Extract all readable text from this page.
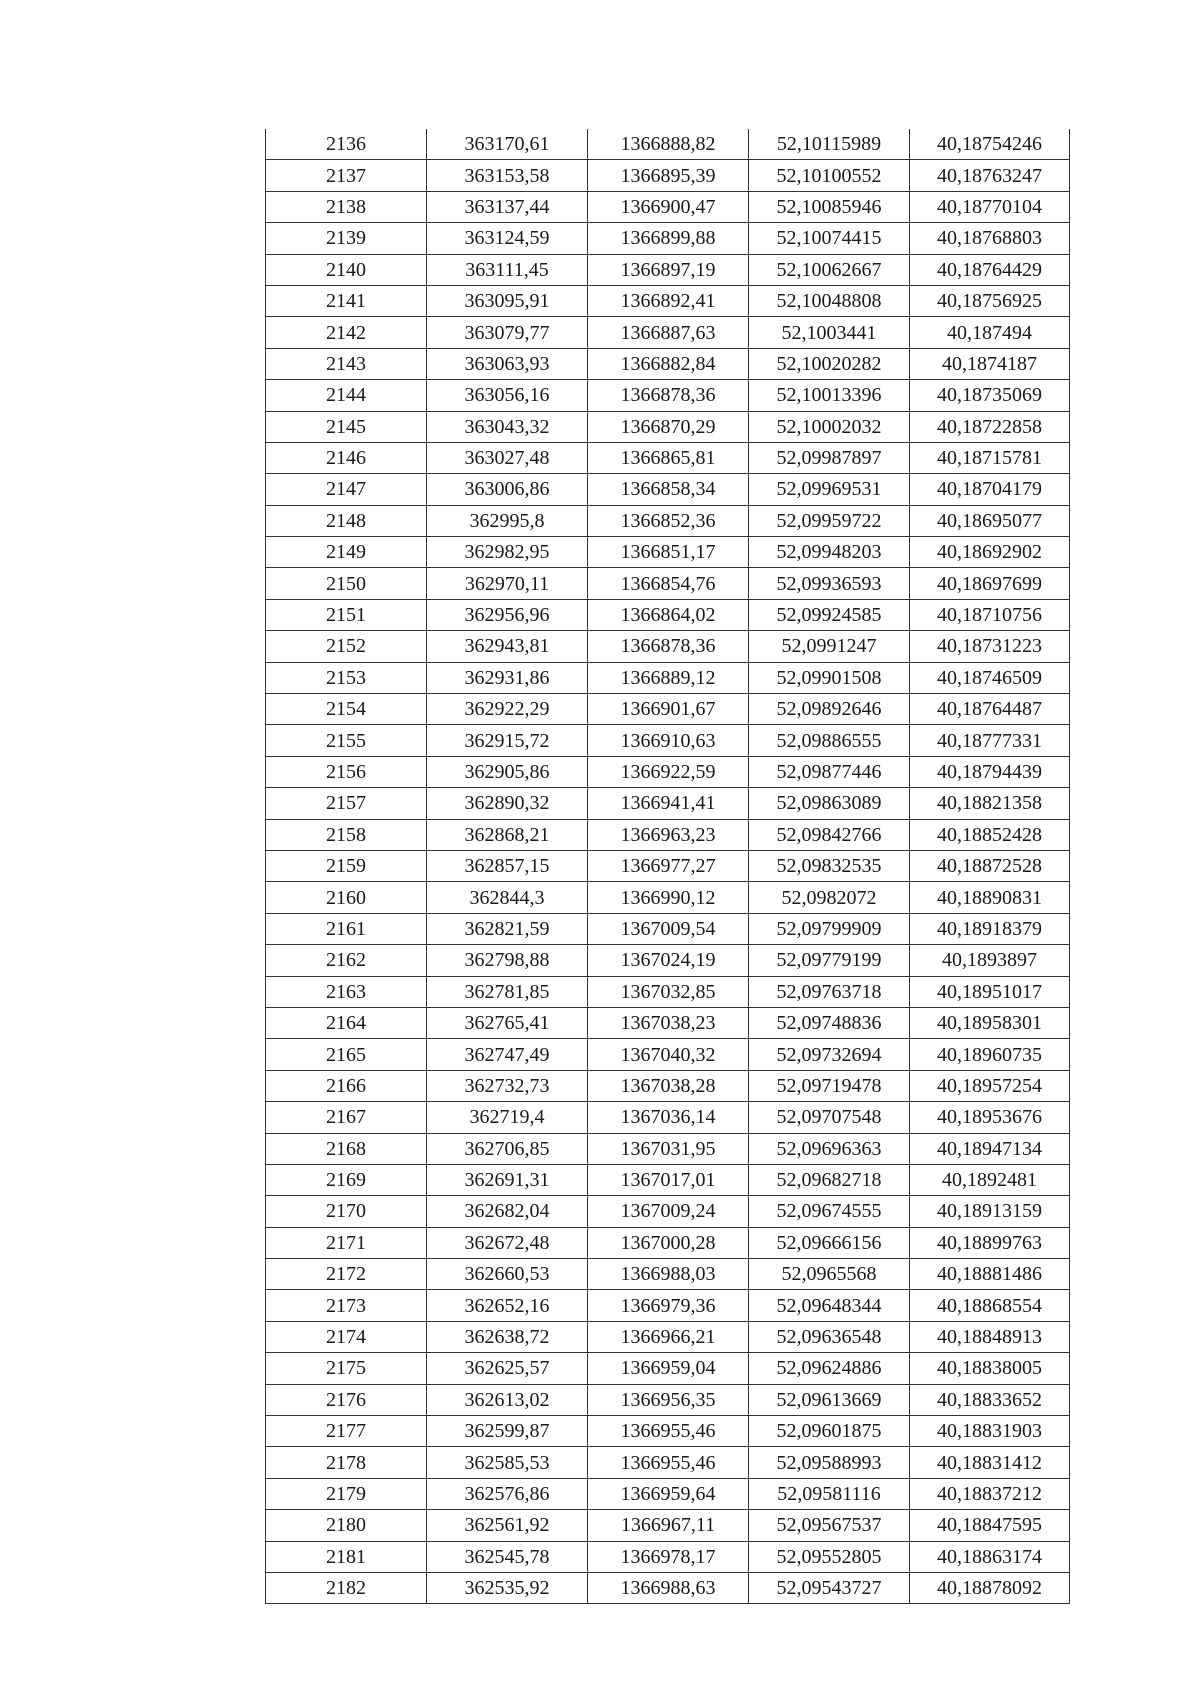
2136	363170,61	1366888,82	52,10115989	40,18754246
2137	363153,58	1366895,39	52,10100552	40,18763247
2138	363137,44	1366900,47	52,10085946	40,18770104
2139	363124,59	1366899,88	52,10074415	40,18768803
2140	363111,45	1366897,19	52,10062667	40,18764429
2141	363095,91	1366892,41	52,10048808	40,18756925
2142	363079,77	1366887,63	52,1003441	40,187494
2143	363063,93	1366882,84	52,10020282	40,1874187
2144	363056,16	1366878,36	52,10013396	40,18735069
2145	363043,32	1366870,29	52,10002032	40,18722858
2146	363027,48	1366865,81	52,09987897	40,18715781
2147	363006,86	1366858,34	52,09969531	40,18704179
2148	362995,8	1366852,36	52,09959722	40,18695077
2149	362982,95	1366851,17	52,09948203	40,18692902
2150	362970,11	1366854,76	52,09936593	40,18697699
2151	362956,96	1366864,02	52,09924585	40,18710756
2152	362943,81	1366878,36	52,0991247	40,18731223
2153	362931,86	1366889,12	52,09901508	40,18746509
2154	362922,29	1366901,67	52,09892646	40,18764487
2155	362915,72	1366910,63	52,09886555	40,18777331
2156	362905,86	1366922,59	52,09877446	40,18794439
2157	362890,32	1366941,41	52,09863089	40,18821358
2158	362868,21	1366963,23	52,09842766	40,18852428
2159	362857,15	1366977,27	52,09832535	40,18872528
2160	362844,3	1366990,12	52,0982072	40,18890831
2161	362821,59	1367009,54	52,09799909	40,18918379
2162	362798,88	1367024,19	52,09779199	40,1893897
2163	362781,85	1367032,85	52,09763718	40,18951017
2164	362765,41	1367038,23	52,09748836	40,18958301
2165	362747,49	1367040,32	52,09732694	40,18960735
2166	362732,73	1367038,28	52,09719478	40,18957254
2167	362719,4	1367036,14	52,09707548	40,18953676
2168	362706,85	1367031,95	52,09696363	40,18947134
2169	362691,31	1367017,01	52,09682718	40,1892481
2170	362682,04	1367009,24	52,09674555	40,18913159
2171	362672,48	1367000,28	52,09666156	40,18899763
2172	362660,53	1366988,03	52,0965568	40,18881486
2173	362652,16	1366979,36	52,09648344	40,18868554
2174	362638,72	1366966,21	52,09636548	40,18848913
2175	362625,57	1366959,04	52,09624886	40,18838005
2176	362613,02	1366956,35	52,09613669	40,18833652
2177	362599,87	1366955,46	52,09601875	40,18831903
2178	362585,53	1366955,46	52,09588993	40,18831412
2179	362576,86	1366959,64	52,09581116	40,18837212
2180	362561,92	1366967,11	52,09567537	40,18847595
2181	362545,78	1366978,17	52,09552805	40,18863174
2182	362535,92	1366988,63	52,09543727	40,18878092
